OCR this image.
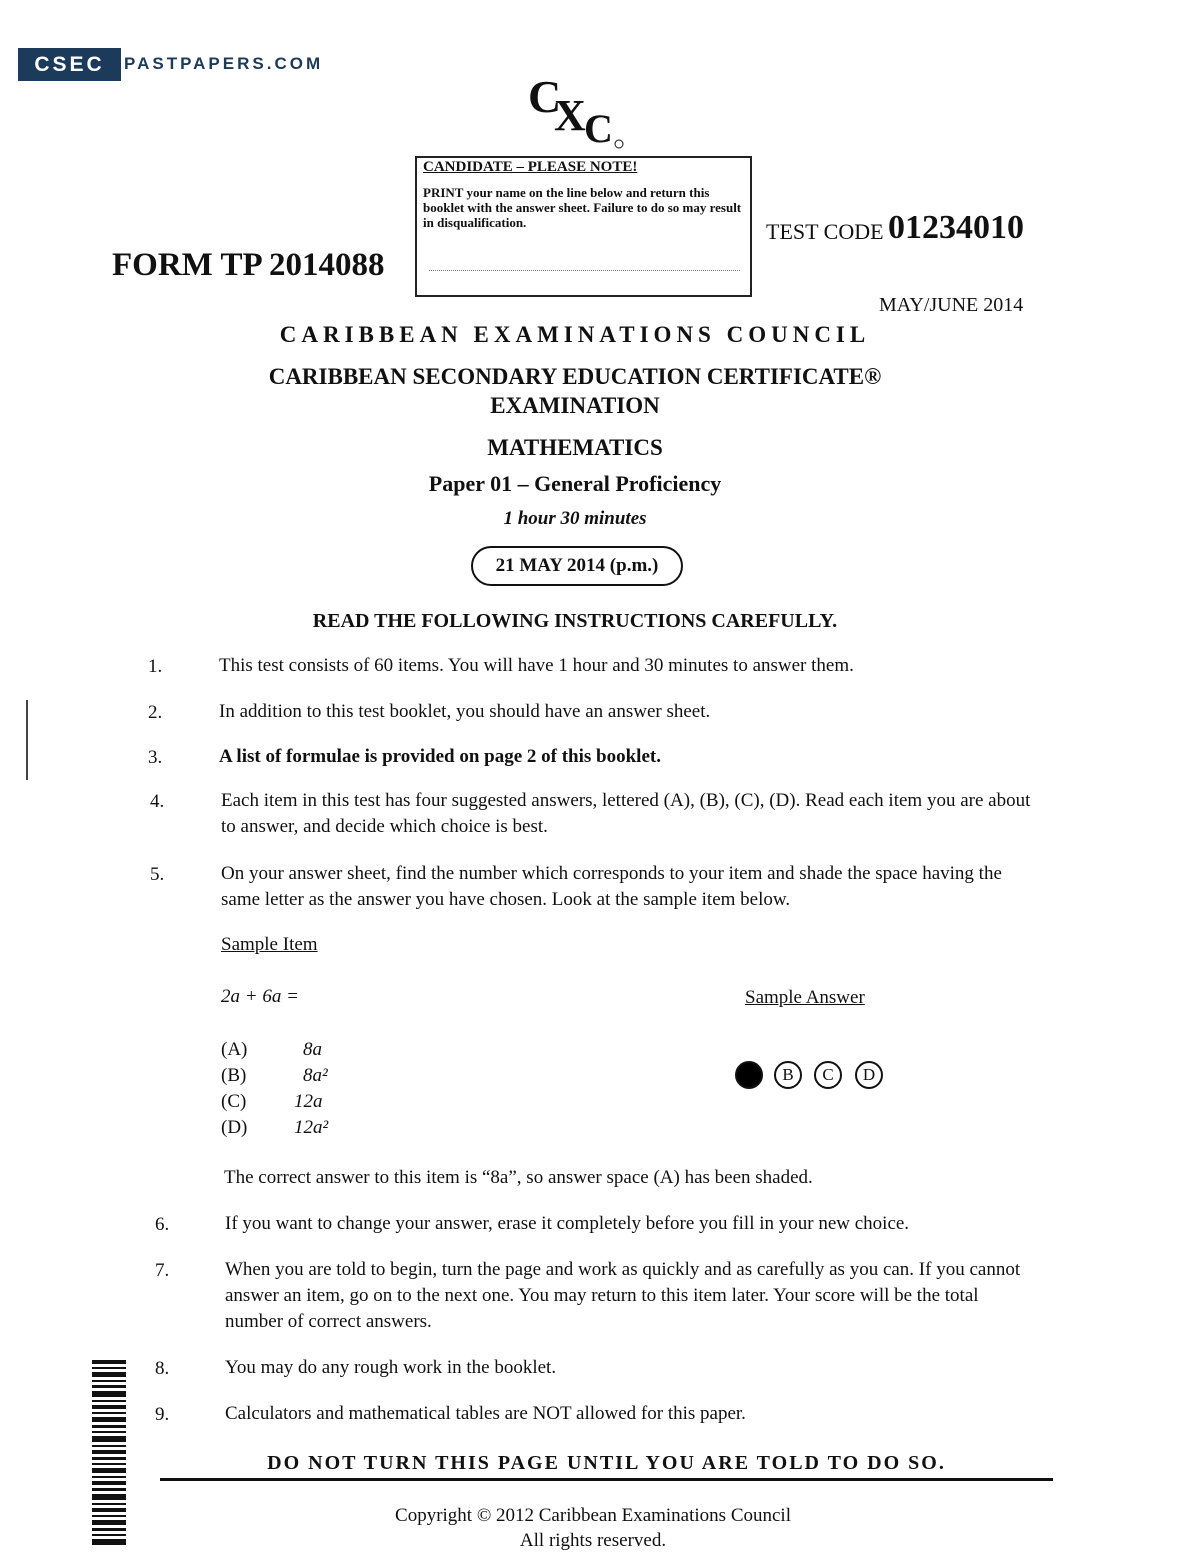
CSEC	PASTPAPERS.COM
C
X
C
CANDIDATE – PLEASE NOTE!
PRINT your name on the line below and return this booklet with the answer sheet. Failure to do so may result in disqualification.
FORM TP 2014088
TEST CODE 01234010
MAY/JUNE 2014
CARIBBEAN EXAMINATIONS COUNCIL
CARIBBEAN SECONDARY EDUCATION CERTIFICATE®
EXAMINATION
MATHEMATICS
Paper 01 – General Proficiency
1 hour 30 minutes
21 MAY 2014 (p.m.)
READ THE FOLLOWING INSTRUCTIONS CAREFULLY.
1.	This test consists of 60 items. You will have 1 hour and 30 minutes to answer them.
2.	In addition to this test booklet, you should have an answer sheet.
3.	A list of formulae is provided on page 2 of this booklet.
4.	Each item in this test has four suggested answers, lettered (A), (B), (C), (D). Read each item you are about to answer, and decide which choice is best.
5.	On your answer sheet, find the number which corresponds to your item and shade the space having the same letter as the answer you have chosen. Look at the sample item below.
Sample Item
2a + 6a =	Sample Answer
(A)	8a
(B)	8a²
(C)	12a
(D) 12a²
B	C	D
The correct answer to this item is “8a”, so answer space (A) has been shaded.
6.	If you want to change your answer, erase it completely before you fill in your new choice.
7.	When you are told to begin, turn the page and work as quickly and as carefully as you can. If you cannot answer an item, go on to the next one. You may return to this item later. Your score will be the total number of correct answers.
8.	You may do any rough work in the booklet.
9.	Calculators and mathematical tables are NOT allowed for this paper.
DO NOT TURN THIS PAGE UNTIL YOU ARE TOLD TO DO SO.
Copyright © 2012 Caribbean Examinations Council
All rights reserved.
